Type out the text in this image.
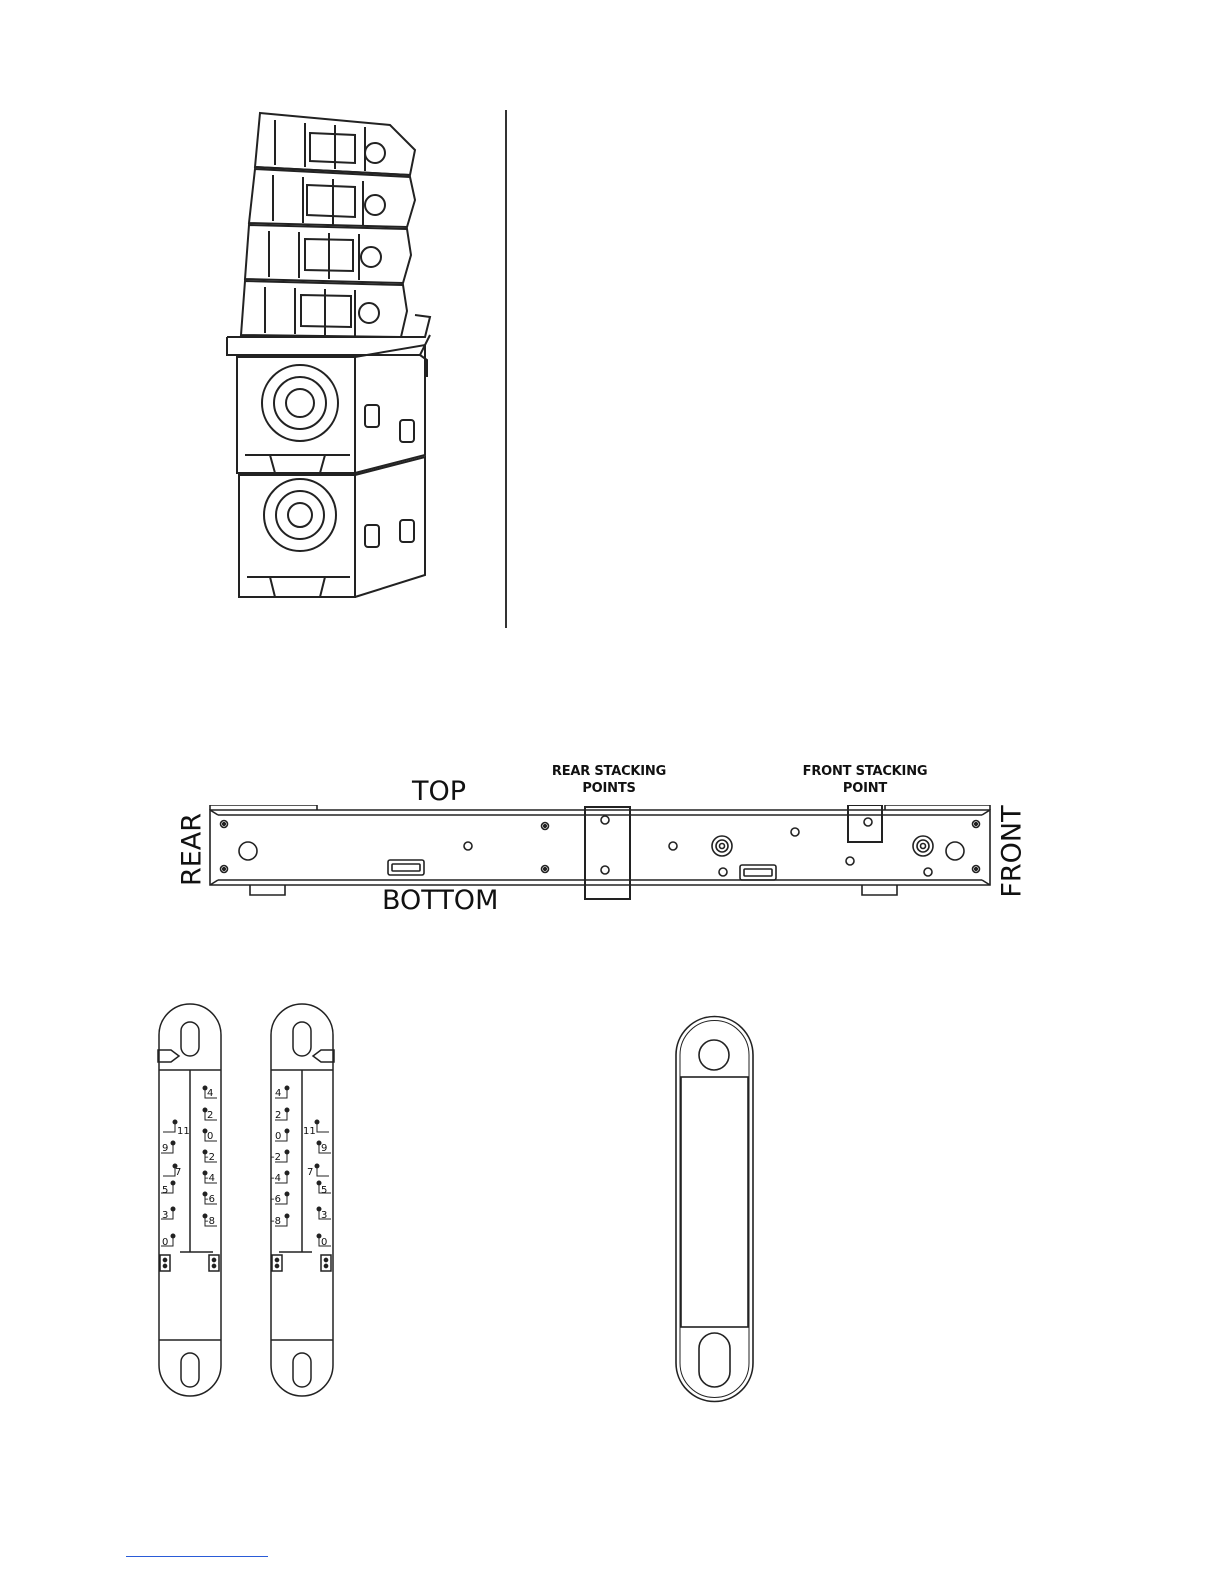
REAR STACKING
POINTS
FRONT STACKING
POINT
TOP
BOTTOM
REAR	FRONT
4
2
0
-2
-4
-6
-8
11
9
7
5
3
0
4
2
0
-2
-4
-6
-8
11
9
7
5
3
0
